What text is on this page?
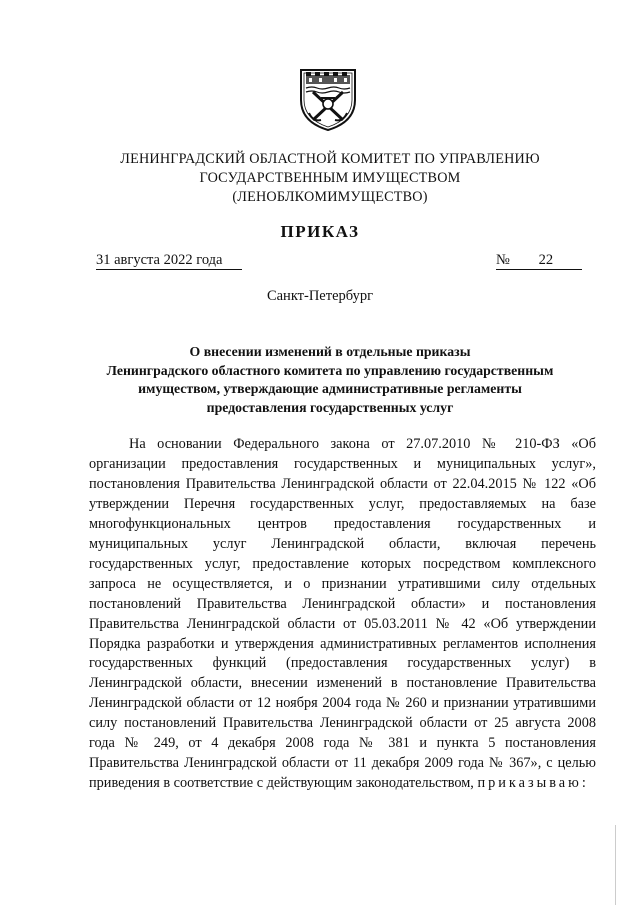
ЛЕНИНГРАДСКИЙ ОБЛАСТНОЙ КОМИТЕТ ПО УПРАВЛЕНИЮ
ГОСУДАРСТВЕННЫМ ИМУЩЕСТВОМ
(ЛЕНОБЛКОМИМУЩЕСТВО)
ПРИКАЗ
31 августа 2022 года	№ 22
Санкт-Петербург
О внесении изменений в отдельные приказы
Ленинградского областного комитета по управлению государственным
имуществом, утверждающие административные регламенты
предоставления государственных услуг

На основании Федерального закона от 27.07.2010 № 210-ФЗ «Об организации предоставления государственных и муниципальных услуг», постановления Правительства Ленинградской области от 22.04.2015 № 122 «Об утверждении Перечня государственных услуг, предоставляемых на базе многофункциональных центров предоставления государственных и муниципальных услуг Ленинградской области, включая перечень государственных услуг, предоставление которых посредством комплексного запроса не осуществляется, и о признании утратившими силу отдельных постановлений Правительства Ленинградской области» и постановления Правительства Ленинградской области от 05.03.2011 № 42 «Об утверждении Порядка разработки и утверждения административных регламентов исполнения государственных функций (предоставления государственных услуг) в Ленинградской области, внесении изменений в постановление Правительства Ленинградской области от 12 ноября 2004 года № 260 и признании утратившими силу постановлений Правительства Ленинградской области от 25 августа 2008 года № 249, от 4 декабря 2008 года № 381 и пункта 5 постановления Правительства Ленинградской области от 11 декабря 2009 года № 367», с целью приведения в соответствие с действующим законодательством, приказываю:
